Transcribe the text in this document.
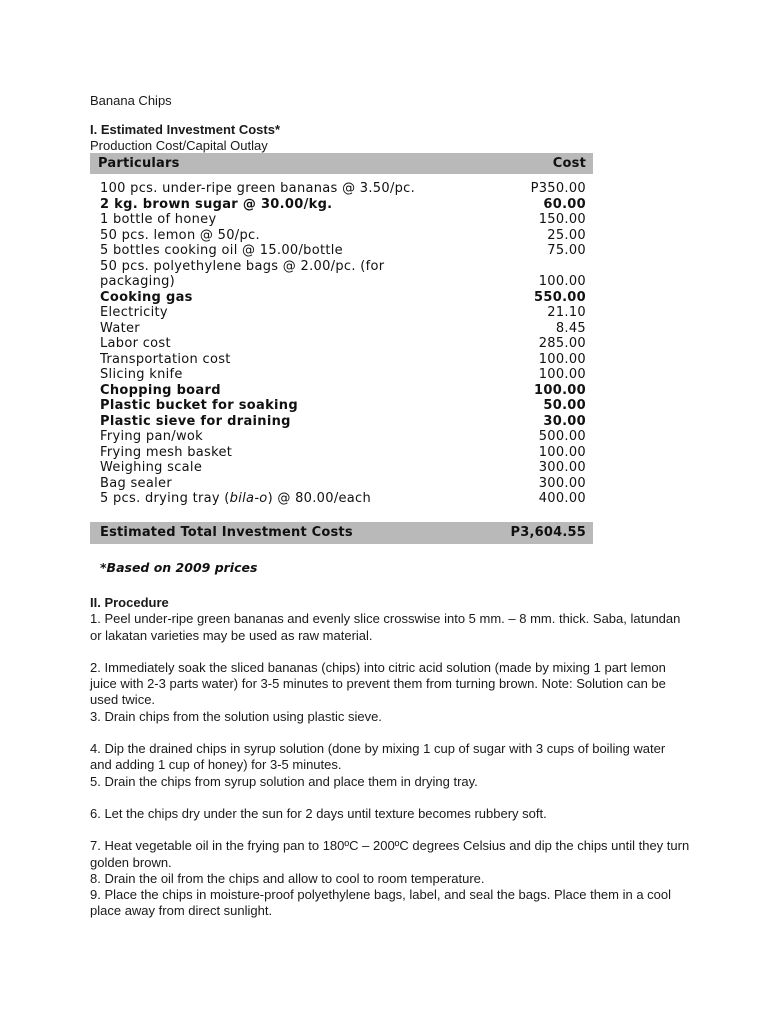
Banana Chips
I. Estimated Investment Costs*
Production Cost/Capital Outlay
Particulars	Cost
100 pcs. under-ripe green bananas @ 3.50/pc.	P350.00
2 kg. brown sugar @ 30.00/kg.	60.00
1 bottle of honey	150.00
50 pcs. lemon @ 50/pc.	25.00
5 bottles cooking oil @ 15.00/bottle	75.00
50 pcs. polyethylene bags @ 2.00/pc. (for packaging)	100.00
Cooking gas	550.00
Electricity	21.10
Water	8.45
Labor cost	285.00
Transportation cost	100.00
Slicing knife	100.00
Chopping board	100.00
Plastic bucket for soaking	50.00
Plastic sieve for draining	30.00
Frying pan/wok	500.00
Frying mesh basket	100.00
Weighing scale	300.00
Bag sealer	300.00
5 pcs. drying tray (bila-o) @ 80.00/each	400.00
Estimated Total Investment Costs	P3,604.55
*Based on 2009 prices

II. Procedure

1. Peel under-ripe green bananas and evenly slice crosswise into 5 mm. – 8 mm. thick. Saba, latundan or lakatan varieties may be used as raw material.

2. Immediately soak the sliced bananas (chips) into citric acid solution (made by mixing 1 part lemon juice with 2-3 parts water) for 3-5 minutes to prevent them from turning brown. Note: Solution can be used twice.

3. Drain chips from the solution using plastic sieve.

4. Dip the drained chips in syrup solution (done by mixing 1 cup of sugar with 3 cups of boiling water and adding 1 cup of honey) for 3-5 minutes.

5. Drain the chips from syrup solution and place them in drying tray.

6. Let the chips dry under the sun for 2 days until texture becomes rubbery soft.

7. Heat vegetable oil in the frying pan to 180ºC – 200ºC degrees Celsius and dip the chips until they turn golden brown.

8. Drain the oil from the chips and allow to cool to room temperature.

9. Place the chips in moisture-proof polyethylene bags, label, and seal the bags. Place them in a cool place away from direct sunlight.
